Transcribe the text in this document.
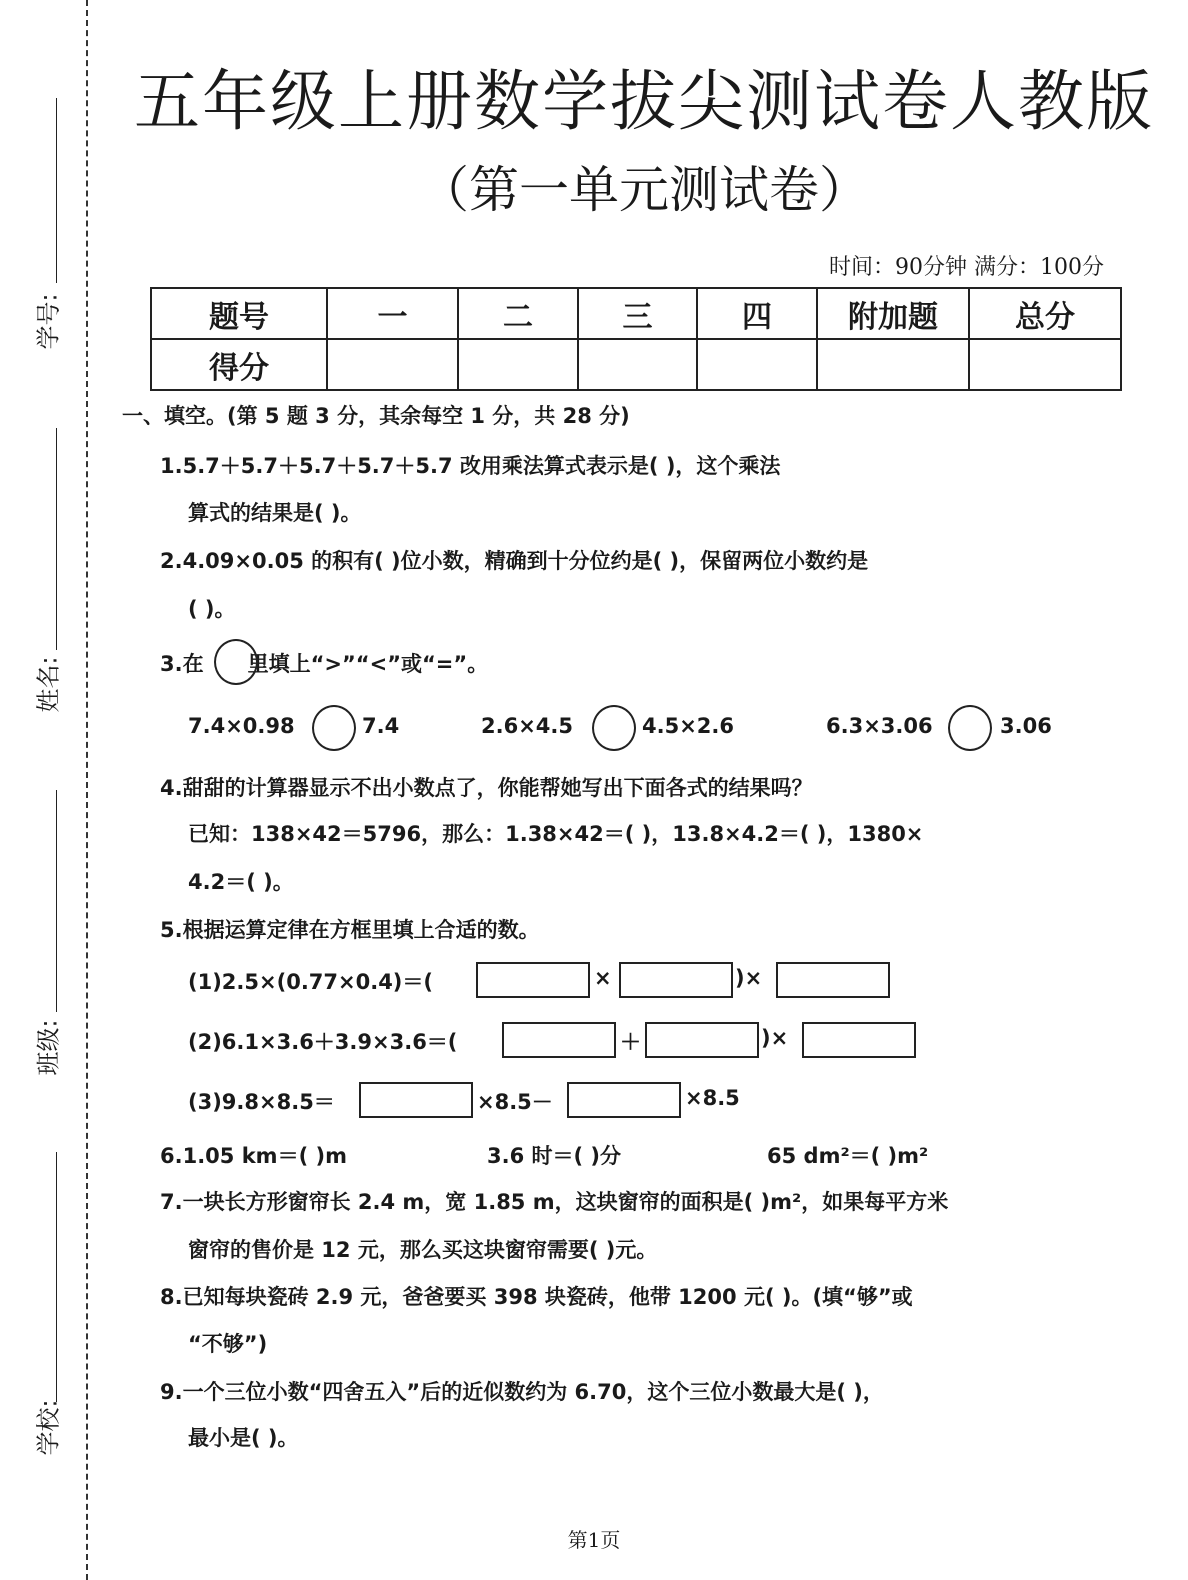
学号:
姓名:
班级:
学校:
五年级上册数学拔尖测试卷人教版
（第一单元测试卷）
时间：90分钟 满分：100分
题号	一	二	三	四	附加题	总分
得分						
一、填空。(第 5 题 3 分，其余每空 1 分，共 28 分)
1.5.7＋5.7＋5.7＋5.7＋5.7 改用乘法算式表示是( )，这个乘法
算式的结果是( )。
2.4.09×0.05 的积有( )位小数，精确到十分位约是( )，保留两位小数约是
( )。
3.在 里填上“>”“<”或“=”。
7.4×0.98	7.4	2.6×4.5	4.5×2.6	6.3×3.06	3.06
4.甜甜的计算器显示不出小数点了，你能帮她写出下面各式的结果吗？
已知：138×42＝5796，那么：1.38×42＝( )，13.8×4.2＝( )，1380×
4.2＝( )。
5.根据运算定律在方框里填上合适的数。
(1)2.5×(0.77×0.4)＝(	×	)×
(2)6.1×3.6＋3.9×3.6＝(	＋	)×
(3)9.8×8.5＝	×8.5－	×8.5
6.1.05 km＝( )m	3.6 时＝( )分	65 dm²＝( )m²
7.一块长方形窗帘长 2.4 m，宽 1.85 m，这块窗帘的面积是( )m²，如果每平方米
窗帘的售价是 12 元，那么买这块窗帘需要( )元。
8.已知每块瓷砖 2.9 元，爸爸要买 398 块瓷砖，他带 1200 元( )。(填“够”或
“不够”)
9.一个三位小数“四舍五入”后的近似数约为 6.70，这个三位小数最大是( )，
最小是( )。
第1页
